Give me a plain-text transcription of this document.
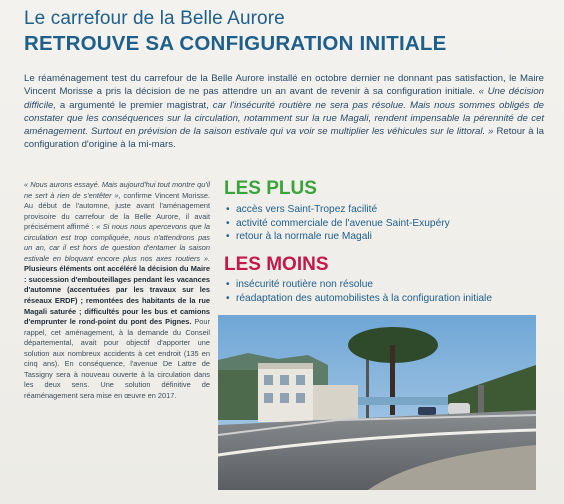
Le carrefour de la Belle Aurore
RETROUVE SA CONFIGURATION INITIALE

Le réaménagement test du carrefour de la Belle Aurore installé en octobre dernier ne donnant pas satisfaction, le Maire Vincent Morisse a pris la décision de ne pas attendre un an avant de revenir à sa configuration initiale. « Une décision difficile, a argumenté le premier magistrat, car l'insécurité routière ne sera pas résolue. Mais nous sommes obligés de constater que les conséquences sur la circulation, notamment sur la rue Magali, rendent impensable la pérennité de cet aménagement. Surtout en prévision de la saison estivale qui va voir se multiplier les véhicules sur le littoral. » Retour à la configuration d'origine à la mi-mars.

« Nous aurons essayé. Mais aujourd'hui tout montre qu'il ne sert à rien de s'entêter », confirme Vincent Morisse. Au début de l'automne, juste avant l'aménagement provisoire du carrefour de la Belle Aurore, il avait précisément affirmé : « Si nous nous apercevons que la circulation est trop compliquée, nous n'attendrons pas un an, car il est hors de question d'entamer la saison estivale en bloquant encore plus nos axes routiers ». Plusieurs éléments ont accéléré la décision du Maire : succession d'embouteillages pendant les vacances d'automne (accentuées par les travaux sur les réseaux ERDF) ; remontées des habitants de la rue Magali saturée ; difficultés pour les bus et camions d'emprunter le rond-point du pont des Pignes. Pour rappel, cet aménagement, à la demande du Conseil départemental, avait pour objectif d'apporter une solution aux nombreux accidents à cet endroit (135 en cinq ans). En conséquence, l'avenue De Lattre de Tassigny sera à nouveau ouverte à la circulation dans les deux sens. Une solution définitive de réaménagement sera mise en œuvre en 2017.

LES PLUS
• accès vers Saint-Tropez facilité
• activité commerciale de l'avenue Saint-Exupéry
• retour à la normale rue Magali
LES MOINS
• insécurité routière non résolue
• réadaptation des automobilistes à la configuration initiale
